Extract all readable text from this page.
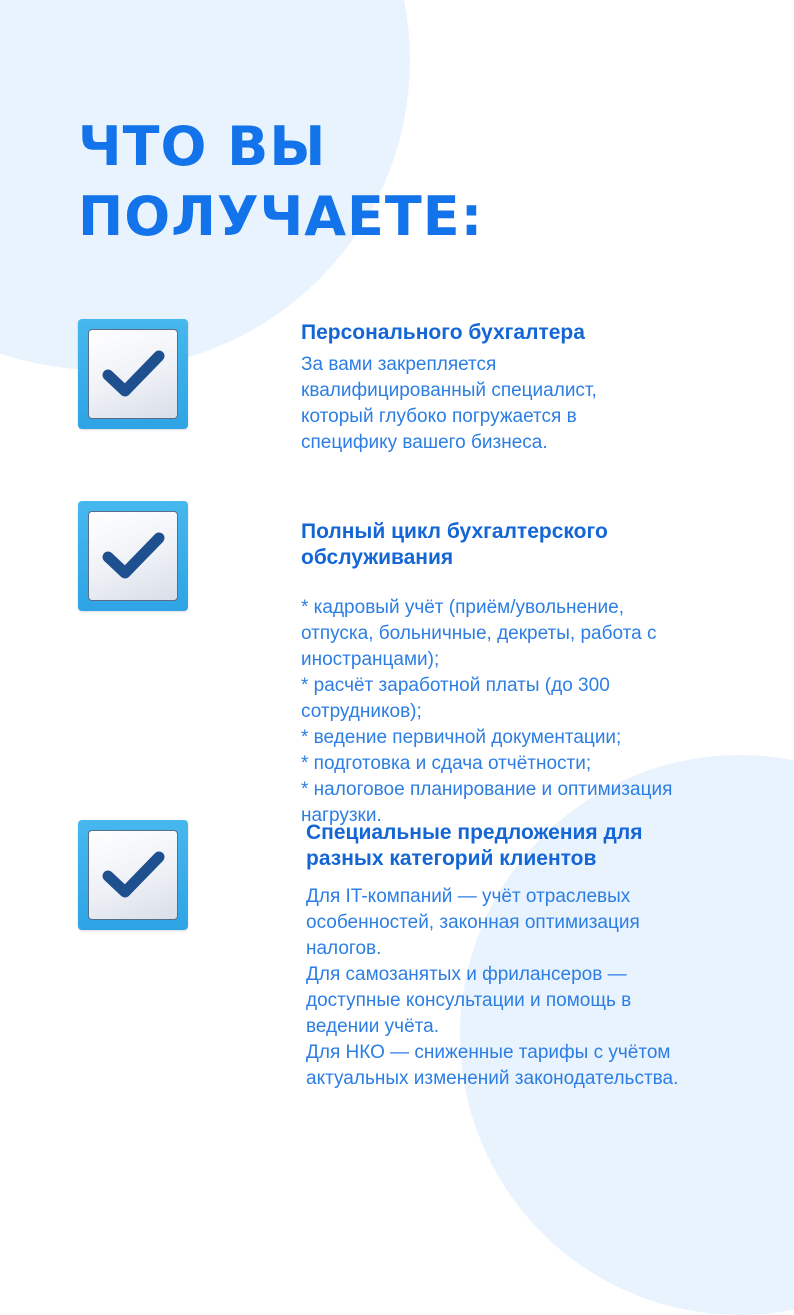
ЧТО ВЫ
ПОЛУЧАЕТЕ:
Персонального бухгалтера

За вами закрепляется
квалифицированный специалист,
который глубоко погружается в
специфику вашего бизнеса.

Полный цикл бухгалтерского
обслуживания

* кадровый учёт (приём/увольнение,
отпуска, больничные, декреты, работа с
иностранцами);
* расчёт заработной платы (до 300
сотрудников);
* ведение первичной документации;
* подготовка и сдача отчётности;
* налоговое планирование и оптимизация
нагрузки.

Специальные предложения для
разных категорий клиентов

Для IT-компаний — учёт отраслевых
особенностей, законная оптимизация
налогов.
Для самозанятых и фрилансеров —
доступные консультации и помощь в
ведении учёта.
Для НКО — сниженные тарифы с учётом
актуальных изменений законодательства.
